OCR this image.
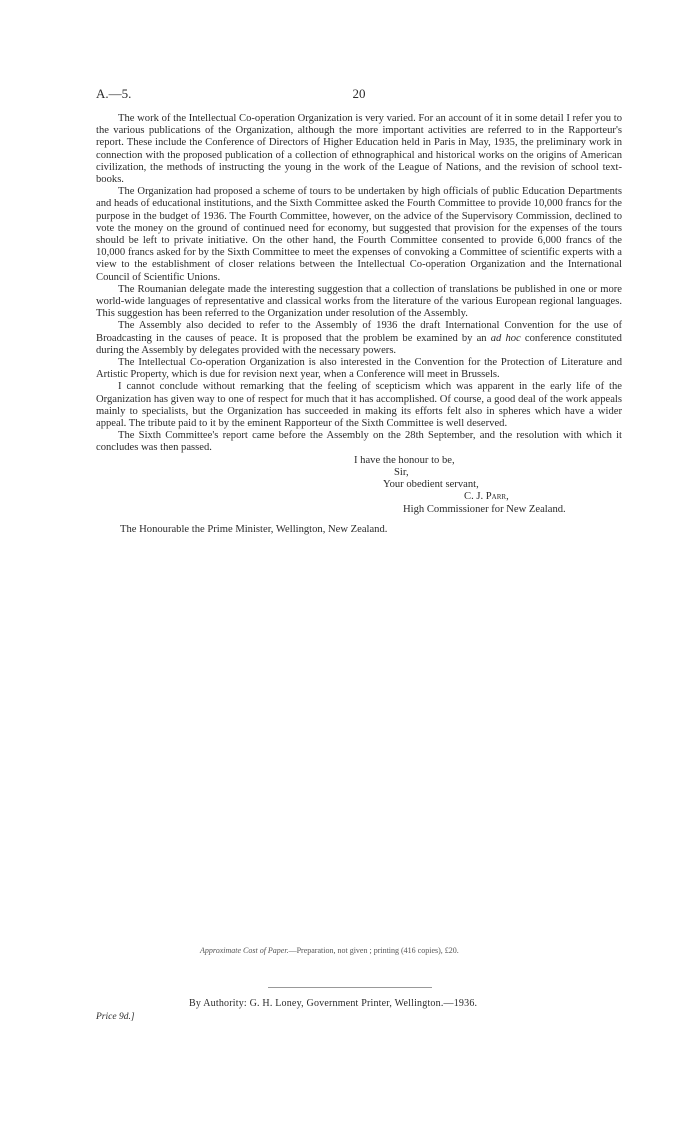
A.—5.	20

The work of the Intellectual Co-operation Organization is very varied. For an account of it in some detail I refer you to the various publications of the Organization, although the more important activities are referred to in the Rapporteur's report. These include the Conference of Directors of Higher Education held in Paris in May, 1935, the preliminary work in connection with the proposed publication of a collection of ethnographical and historical works on the origins of American civilization, the methods of instructing the young in the work of the League of Nations, and the revision of school text-books.

The Organization had proposed a scheme of tours to be undertaken by high officials of public Education Departments and heads of educational institutions, and the Sixth Committee asked the Fourth Committee to provide 10,000 francs for the purpose in the budget of 1936. The Fourth Committee, however, on the advice of the Supervisory Commission, declined to vote the money on the ground of continued need for economy, but suggested that provision for the expenses of the tours should be left to private initiative. On the other hand, the Fourth Committee consented to provide 6,000 francs of the 10,000 francs asked for by the Sixth Committee to meet the expenses of convoking a Committee of scientific experts with a view to the establishment of closer relations between the Intellectual Co-operation Organization and the International Council of Scientific Unions.

The Roumanian delegate made the interesting suggestion that a collection of translations be published in one or more world-wide languages of representative and classical works from the literature of the various European regional languages. This suggestion has been referred to the Organization under resolution of the Assembly.

The Assembly also decided to refer to the Assembly of 1936 the draft International Convention for the use of Broadcasting in the causes of peace. It is proposed that the problem be examined by an ad hoc conference constituted during the Assembly by delegates provided with the necessary powers.

The Intellectual Co-operation Organization is also interested in the Convention for the Protection of Literature and Artistic Property, which is due for revision next year, when a Conference will meet in Brussels.

I cannot conclude without remarking that the feeling of scepticism which was apparent in the early life of the Organization has given way to one of respect for much that it has accomplished. Of course, a good deal of the work appeals mainly to specialists, but the Organization has succeeded in making its efforts felt also in spheres which have a wider appeal. The tribute paid to it by the eminent Rapporteur of the Sixth Committee is well deserved.

The Sixth Committee's report came before the Assembly on the 28th September, and the resolution with which it concludes was then passed.

I have the honour to be,
Sir,
Your obedient servant,
C. J. Parr,
High Commissioner for New Zealand.
The Honourable the Prime Minister, Wellington, New Zealand.
Approximate Cost of Paper.—Preparation, not given ; printing (416 copies), £20.
By Authority: G. H. Loney, Government Printer, Wellington.—1936.
Price 9d.]
